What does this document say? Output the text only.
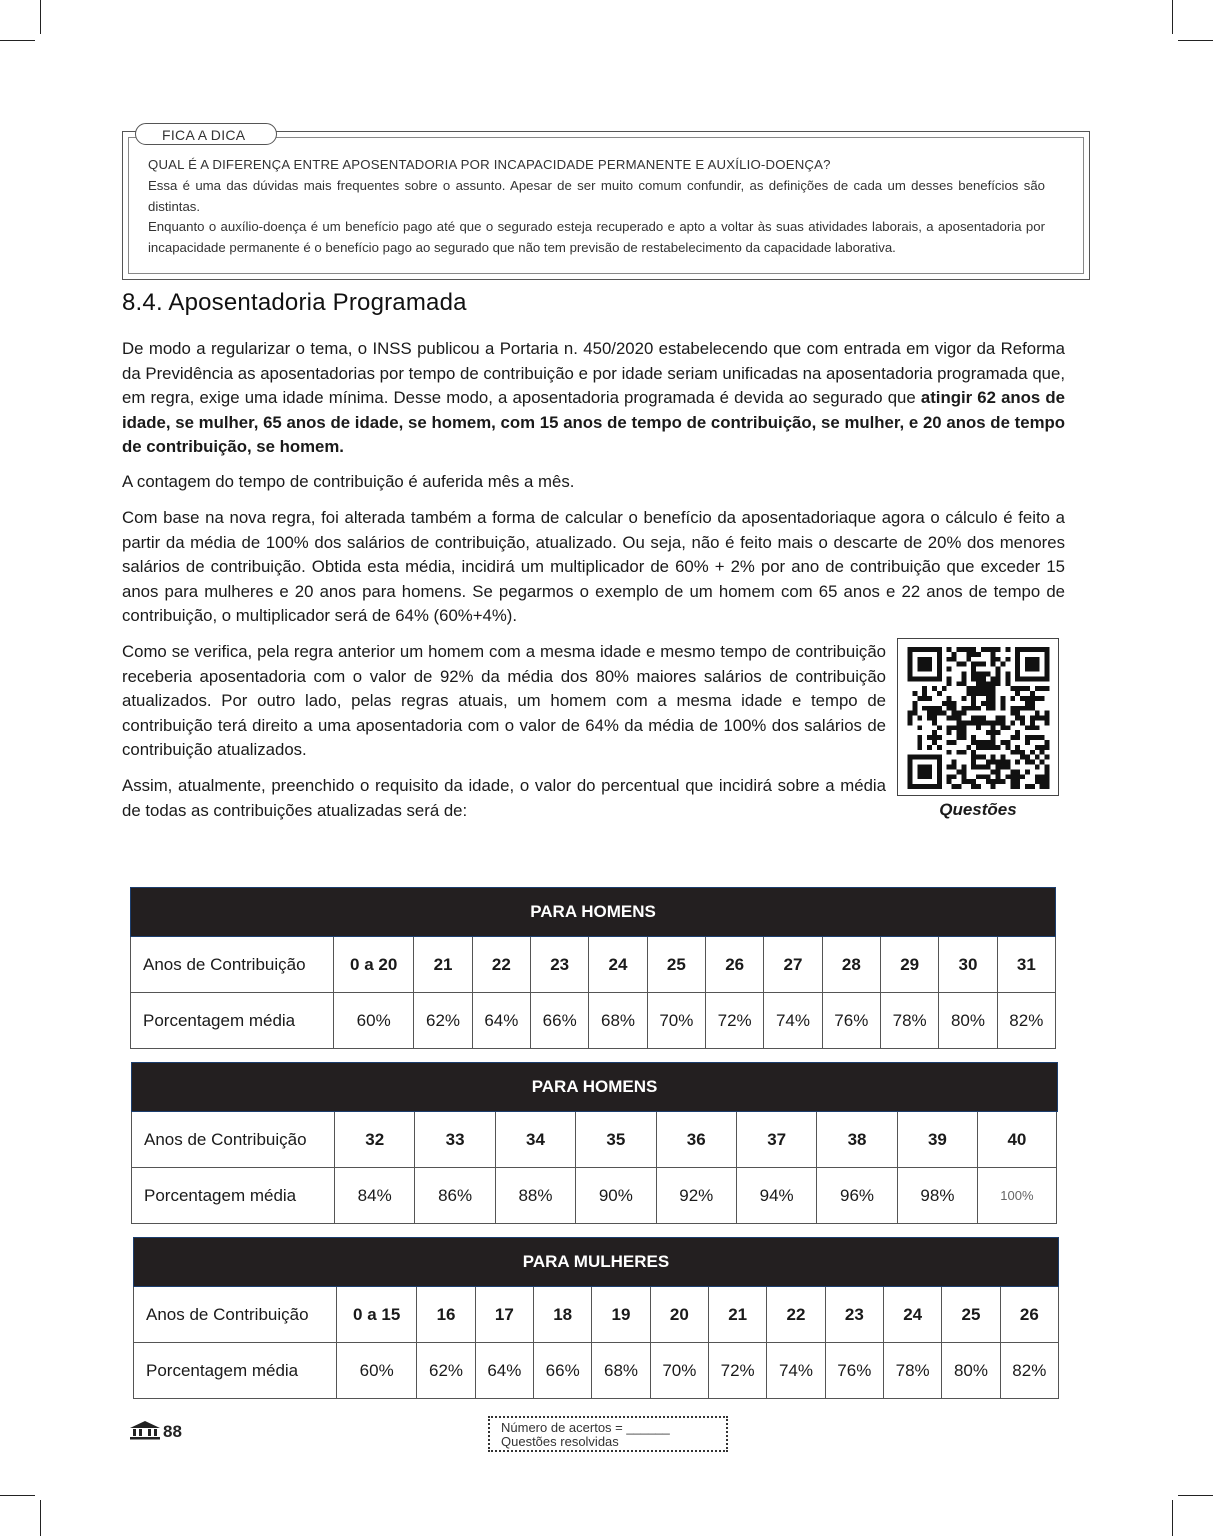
FICA A DICA

QUAL É A DIFERENÇA ENTRE APOSENTADORIA POR INCAPACIDADE PERMANENTE E AUXÍLIO-DOENÇA?

Essa é uma das dúvidas mais frequentes sobre o assunto. Apesar de ser muito comum confundir, as definições de cada um desses benefícios são distintas.

Enquanto o auxílio-doença é um benefício pago até que o segurado esteja recuperado e apto a voltar às suas atividades laborais, a aposentadoria por incapacidade permanente é o benefício pago ao segurado que não tem previsão de restabelecimento da capacidade laborativa.

8.4. Aposentadoria Programada

De modo a regularizar o tema, o INSS publicou a Portaria n. 450/2020 estabelecendo que com entrada em vigor da Reforma da Previdência as aposentadorias por tempo de contribuição e por idade seriam unificadas na aposentadoria programada que, em regra, exige uma idade mínima. Desse modo, a aposentadoria programada é devida ao segurado que atingir 62 anos de idade, se mulher, 65 anos de idade, se homem, com 15 anos de tempo de contribuição, se mulher, e 20 anos de tempo de contribuição, se homem.

A contagem do tempo de contribuição é auferida mês a mês.

Com base na nova regra, foi alterada também a forma de calcular o benefício da aposentadoriaque agora o cálculo é feito a partir da média de 100% dos salários de contribuição, atualizado. Ou seja, não é feito mais o descarte de 20% dos menores salários de contribuição. Obtida esta média, incidirá um multiplicador de 60% + 2% por ano de contribuição que exceder 15 anos para mulheres e 20 anos para homens. Se pegarmos o exemplo de um homem com 65 anos e 22 anos de tempo de contribuição, o multiplicador será de 64% (60%+4%).

Como se verifica, pela regra anterior um homem com a mesma idade e mesmo tempo de contribuição receberia aposentadoria com o valor de 92% da média dos 80% maiores salários de contribuição atualizados. Por outro lado, pelas regras atuais, um homem com a mesma idade e tempo de contribuição terá direito a uma aposentadoria com o valor de 64% da média de 100% dos salários de contribuição atualizados.

Assim, atualmente, preenchido o requisito da idade, o valor do percentual que incidirá sobre a média de todas as contribuições atualizadas será de:	Questões
PARA HOMENS												
Anos de Contribuição	0 a 20	21	22	23	24	25	26	27	28	29	30	31
Porcentagem média	60%	62%	64%	66%	68%	70%	72%	74%	76%	78%	80%	82%
PARA HOMENS										
Anos de Contribuição	32	33	34	35	36	37	38	39	40			
Porcentagem média	84%	86%	88%	90%	92%	94%	96%	98%	100%			
PARA MULHERES												
Anos de Contribuição	0 a 15	16	17	18	19	20	21	22	23	24	25	26
Porcentagem média	60%	62%	64%	66%	68%	70%	72%	74%	76%	78%	80%	82%
88	Número de acertos = ______
Questões resolvidas
